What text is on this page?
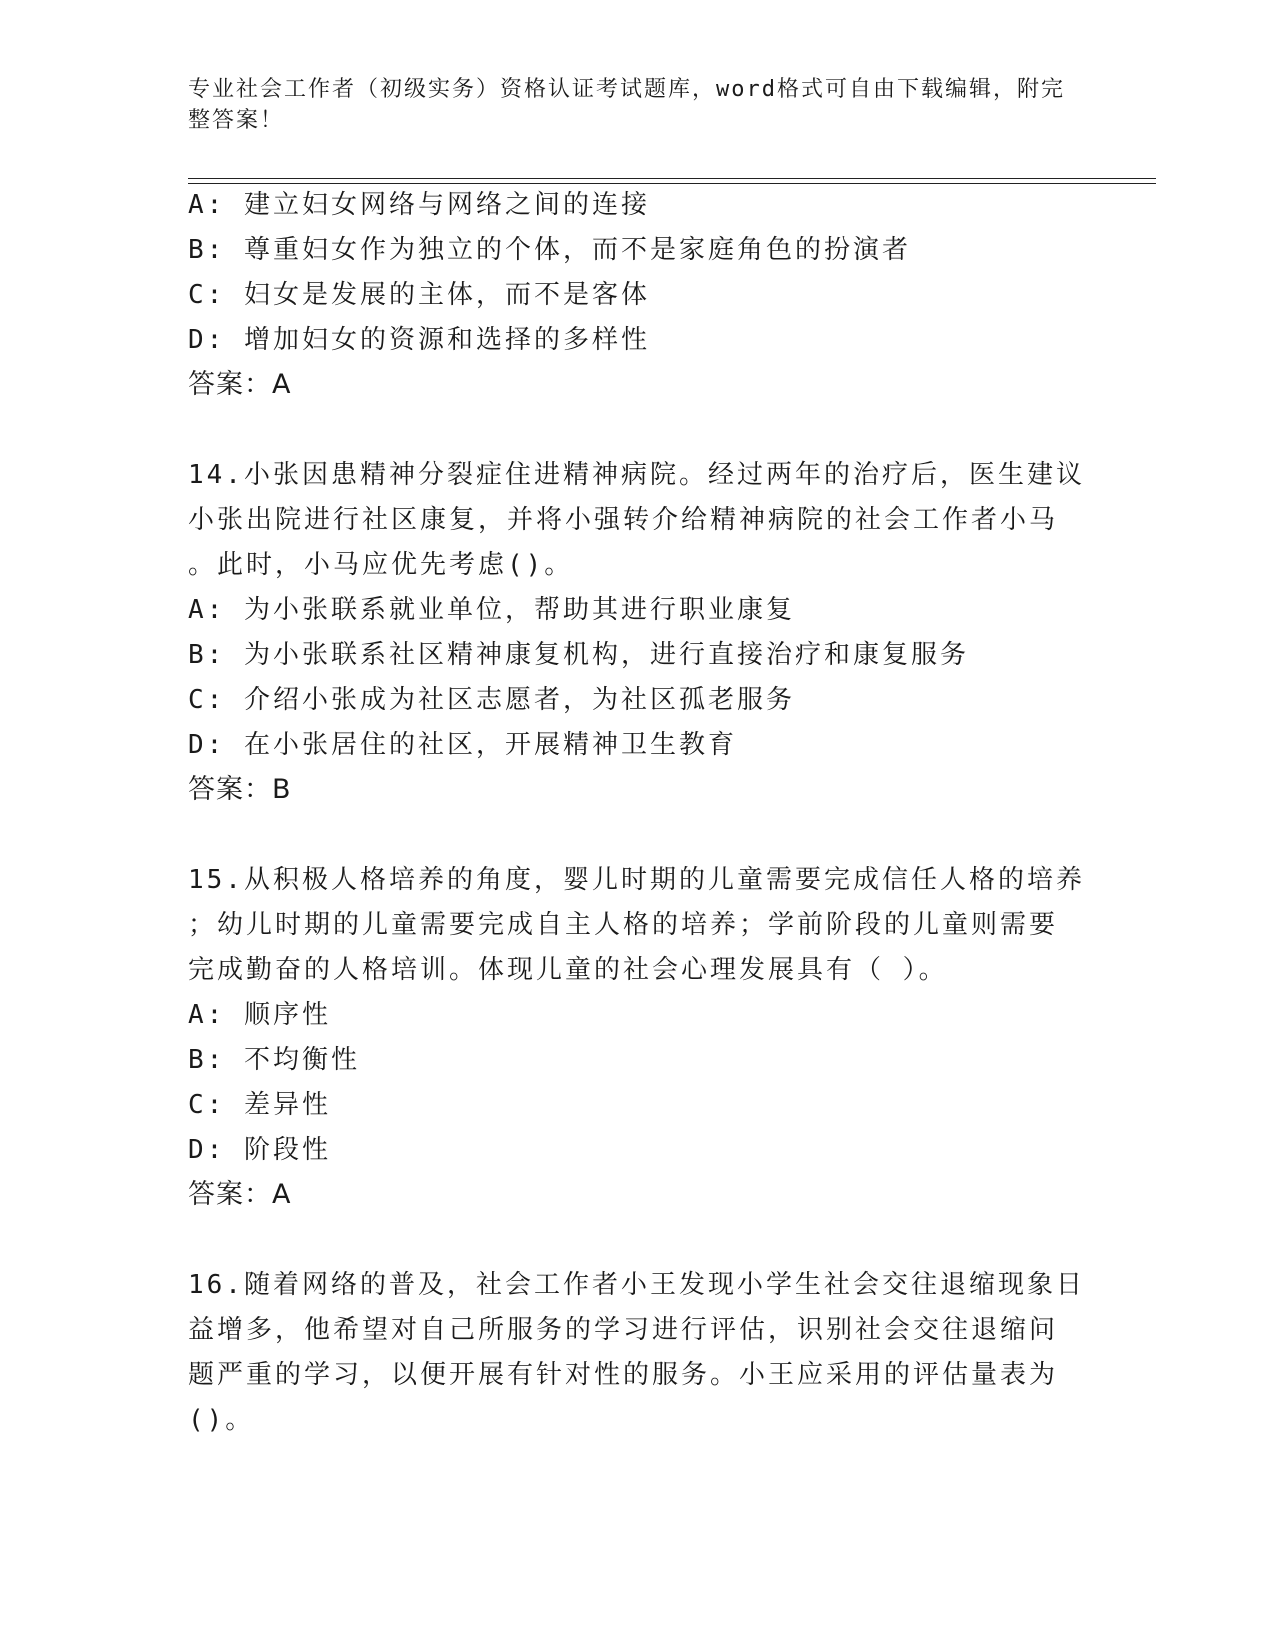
专业社会工作者（初级实务）资格认证考试题库，word格式可自由下载编辑，附完整答案！
A: 建立妇女网络与网络之间的连接
B: 尊重妇女作为独立的个体，而不是家庭角色的扮演者
C: 妇女是发展的主体，而不是客体
D: 增加妇女的资源和选择的多样性
答案：A
14.小张因患精神分裂症住进精神病院。经过两年的治疗后，医生建议
小张出院进行社区康复，并将小强转介给精神病院的社会工作者小马
。此时，小马应优先考虑()。
A: 为小张联系就业单位，帮助其进行职业康复
B: 为小张联系社区精神康复机构，进行直接治疗和康复服务
C: 介绍小张成为社区志愿者，为社区孤老服务
D: 在小张居住的社区，开展精神卫生教育
答案：B
15.从积极人格培养的角度，婴儿时期的儿童需要完成信任人格的培养
；幼儿时期的儿童需要完成自主人格的培养；学前阶段的儿童则需要
完成勤奋的人格培训。体现儿童的社会心理发展具有（ ）。
A: 顺序性
B: 不均衡性
C: 差异性
D: 阶段性
答案：A
16.随着网络的普及，社会工作者小王发现小学生社会交往退缩现象日
益增多，他希望对自己所服务的学习进行评估，识别社会交往退缩问
题严重的学习，以便开展有针对性的服务。小王应采用的评估量表为
()。
